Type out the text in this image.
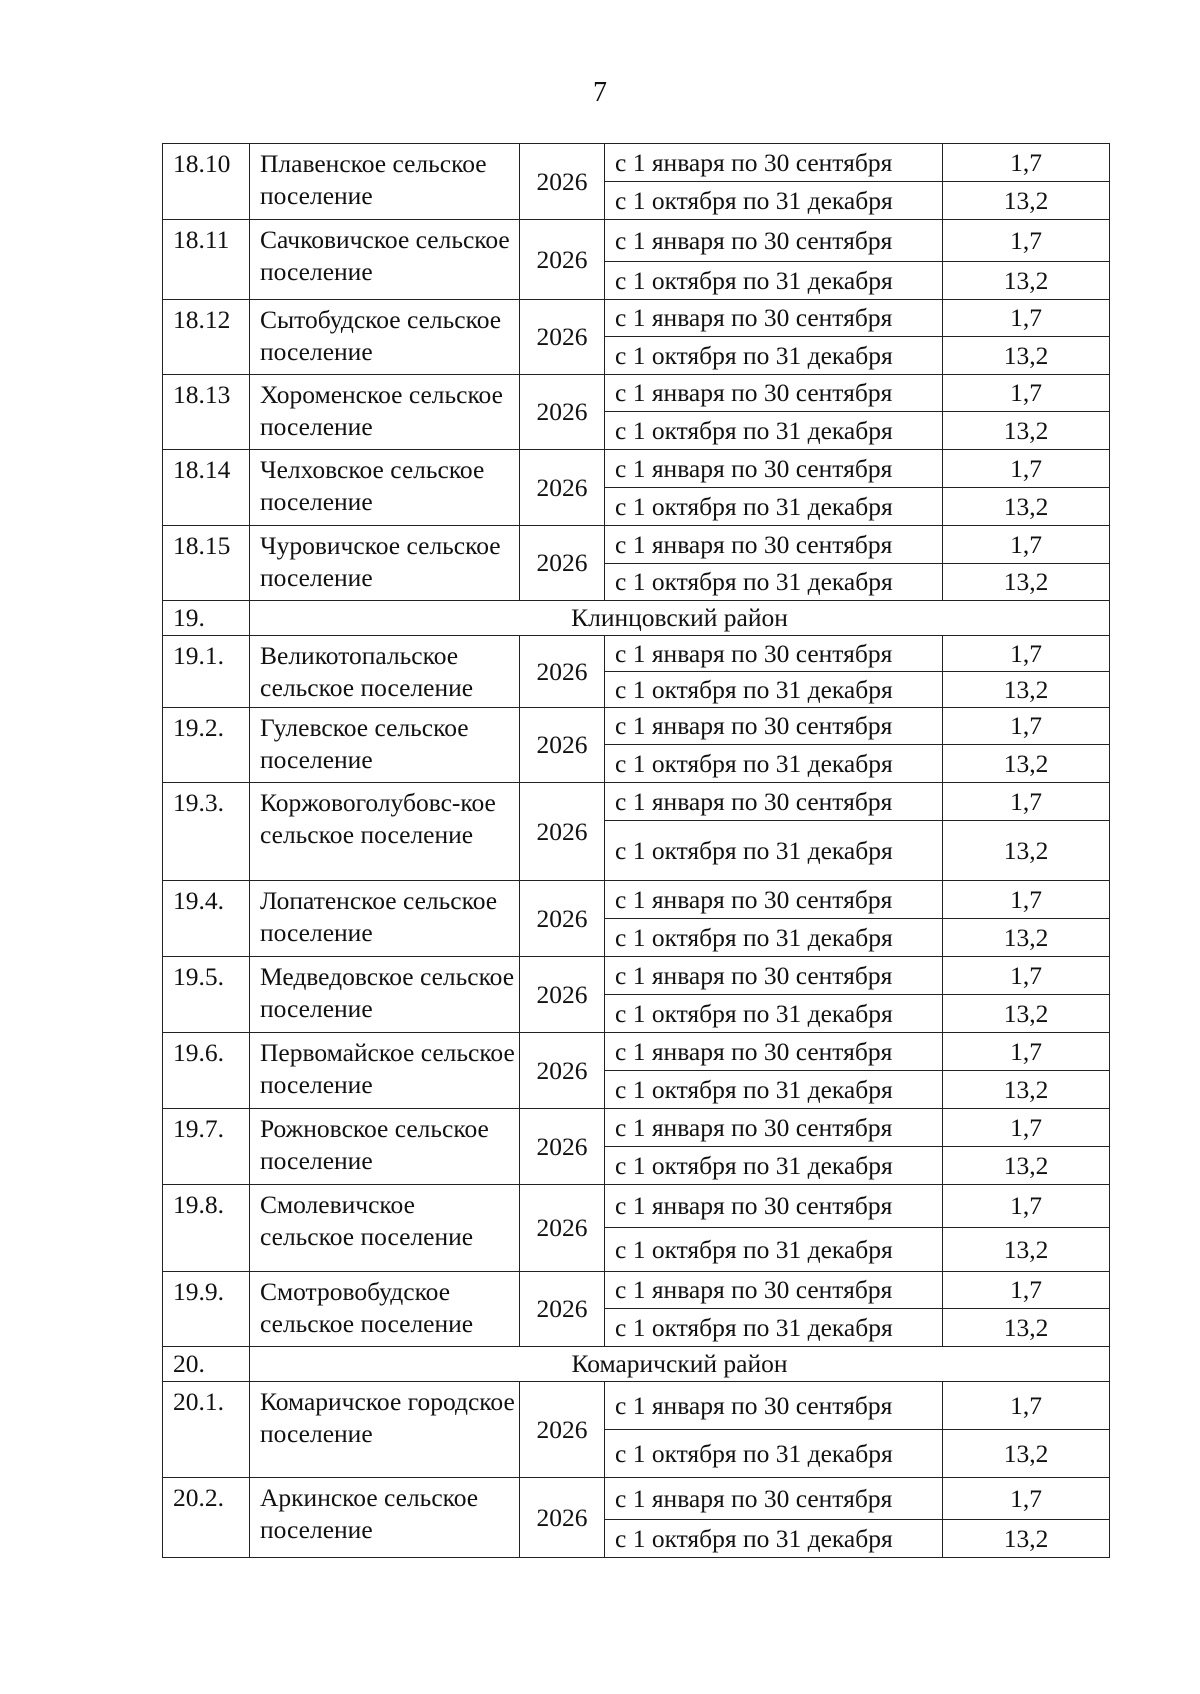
7
18.10	Плавенское сельское поселение	2026	с 1 января по 30 сентября	1,7
			с 1 октября по 31 декабря	13,2
18.11	Сачковичское сельское поселение	2026	с 1 января по 30 сентября	1,7
			с 1 октября по 31 декабря	13,2
18.12	Сытобудское сельское поселение	2026	с 1 января по 30 сентября	1,7
			с 1 октября по 31 декабря	13,2
18.13	Хороменское сельское поселение	2026	с 1 января по 30 сентября	1,7
			с 1 октября по 31 декабря	13,2
18.14	Челховское сельское поселение	2026	с 1 января по 30 сентября	1,7
			с 1 октября по 31 декабря	13,2
18.15	Чуровичское сельское поселение	2026	с 1 января по 30 сентября	1,7
			с 1 октября по 31 декабря	13,2
19.	Клинцовский район			
19.1.	Великотопальское сельское поселение	2026	с 1 января по 30 сентября	1,7
			с 1 октября по 31 декабря	13,2
19.2.	Гулевское сельское поселение	2026	с 1 января по 30 сентября	1,7
			с 1 октября по 31 декабря	13,2
19.3.	Коржовоголубовс-кое сельское поселение	2026	с 1 января по 30 сентября	1,7
			с 1 октября по 31 декабря	13,2
19.4.	Лопатенское сельское поселение	2026	с 1 января по 30 сентября	1,7
			с 1 октября по 31 декабря	13,2
19.5.	Медведовское сельское поселение	2026	с 1 января по 30 сентября	1,7
			с 1 октября по 31 декабря	13,2
19.6.	Первомайское сельское поселение	2026	с 1 января по 30 сентября	1,7
			с 1 октября по 31 декабря	13,2
19.7.	Рожновское сельское поселение	2026	с 1 января по 30 сентября	1,7
			с 1 октября по 31 декабря	13,2
19.8.	Смолевичское сельское поселение	2026	с 1 января по 30 сентября	1,7
			с 1 октября по 31 декабря	13,2
19.9.	Смотровобудское сельское поселение	2026	с 1 января по 30 сентября	1,7
			с 1 октября по 31 декабря	13,2
20.	Комаричский район			
20.1.	Комаричское городское поселение	2026	с 1 января по 30 сентября	1,7
			с 1 октября по 31 декабря	13,2
20.2.	Аркинское сельское поселение	2026	с 1 января по 30 сентября	1,7
			с 1 октября по 31 декабря	13,2
